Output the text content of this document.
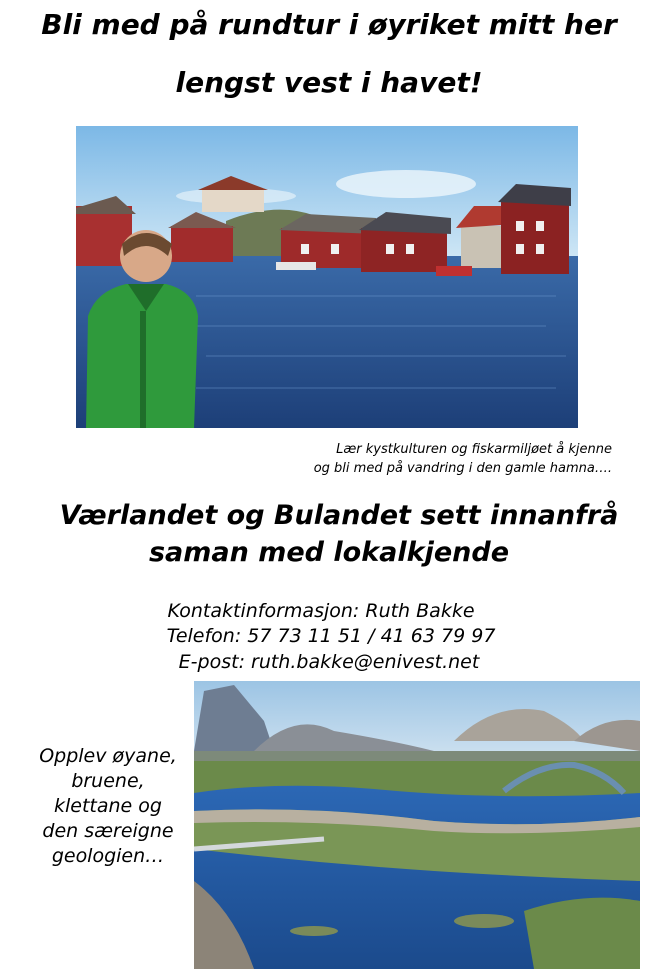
Bli med på rundtur i øyriket mitt her
lengst vest i havet!
Lær kystkulturen og fiskarmiljøet å kjenne
og bli med på vandring i den gamle hamna….
Værlandet og Bulandet sett innanfrå
saman med lokalkjende
Kontaktinformasjon: Ruth Bakke
Telefon: 57 73 11 51 / 41 63 79 97
E-post: ruth.bakke@enivest.net
Opplev øyane,
bruene,
klettane og
den særeigne
geologien…
